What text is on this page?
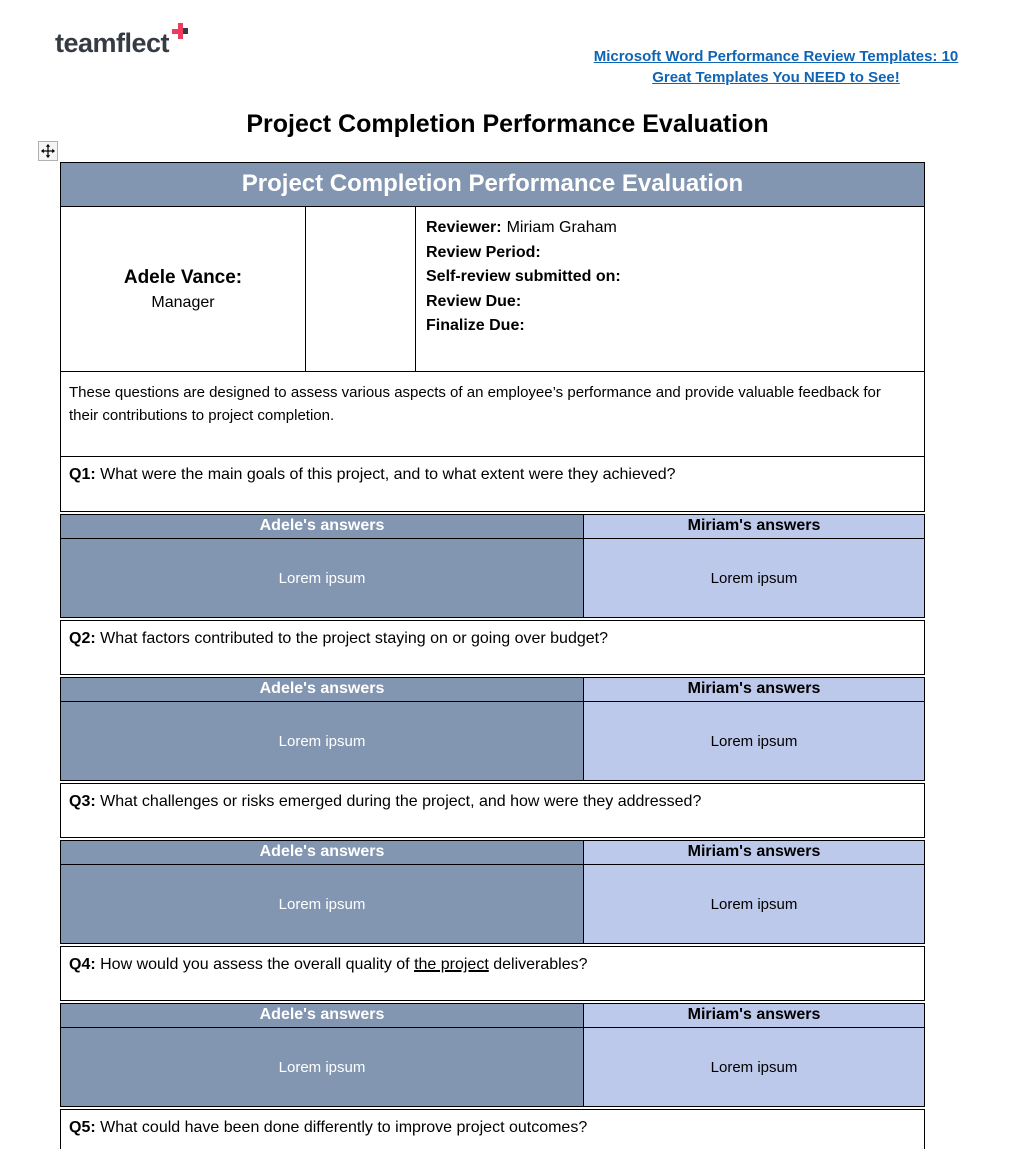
teamflect	Microsoft Word Performance Review Templates: 10
Great Templates You NEED to See!
Project Completion Performance Evaluation
Project Completion Performance Evaluation
Adele Vance:
Manager
Reviewer: Miriam Graham
Review Period:
Self-review submitted on:
Review Due:
Finalize Due:
These questions are designed to assess various aspects of an employee’s performance and provide valuable feedback for their contributions to project completion.
Q1: What were the main goals of this project, and to what extent were they achieved?
Adele's answers	Miriam's answers
Lorem ipsum	Lorem ipsum
Q2: What factors contributed to the project staying on or going over budget?
Adele's answers	Miriam's answers
Lorem ipsum	Lorem ipsum
Q3: What challenges or risks emerged during the project, and how were they addressed?
Adele's answers	Miriam's answers
Lorem ipsum	Lorem ipsum
Q4: How would you assess the overall quality of the project deliverables?
Adele's answers	Miriam's answers
Lorem ipsum	Lorem ipsum
Q5: What could have been done differently to improve project outcomes?
